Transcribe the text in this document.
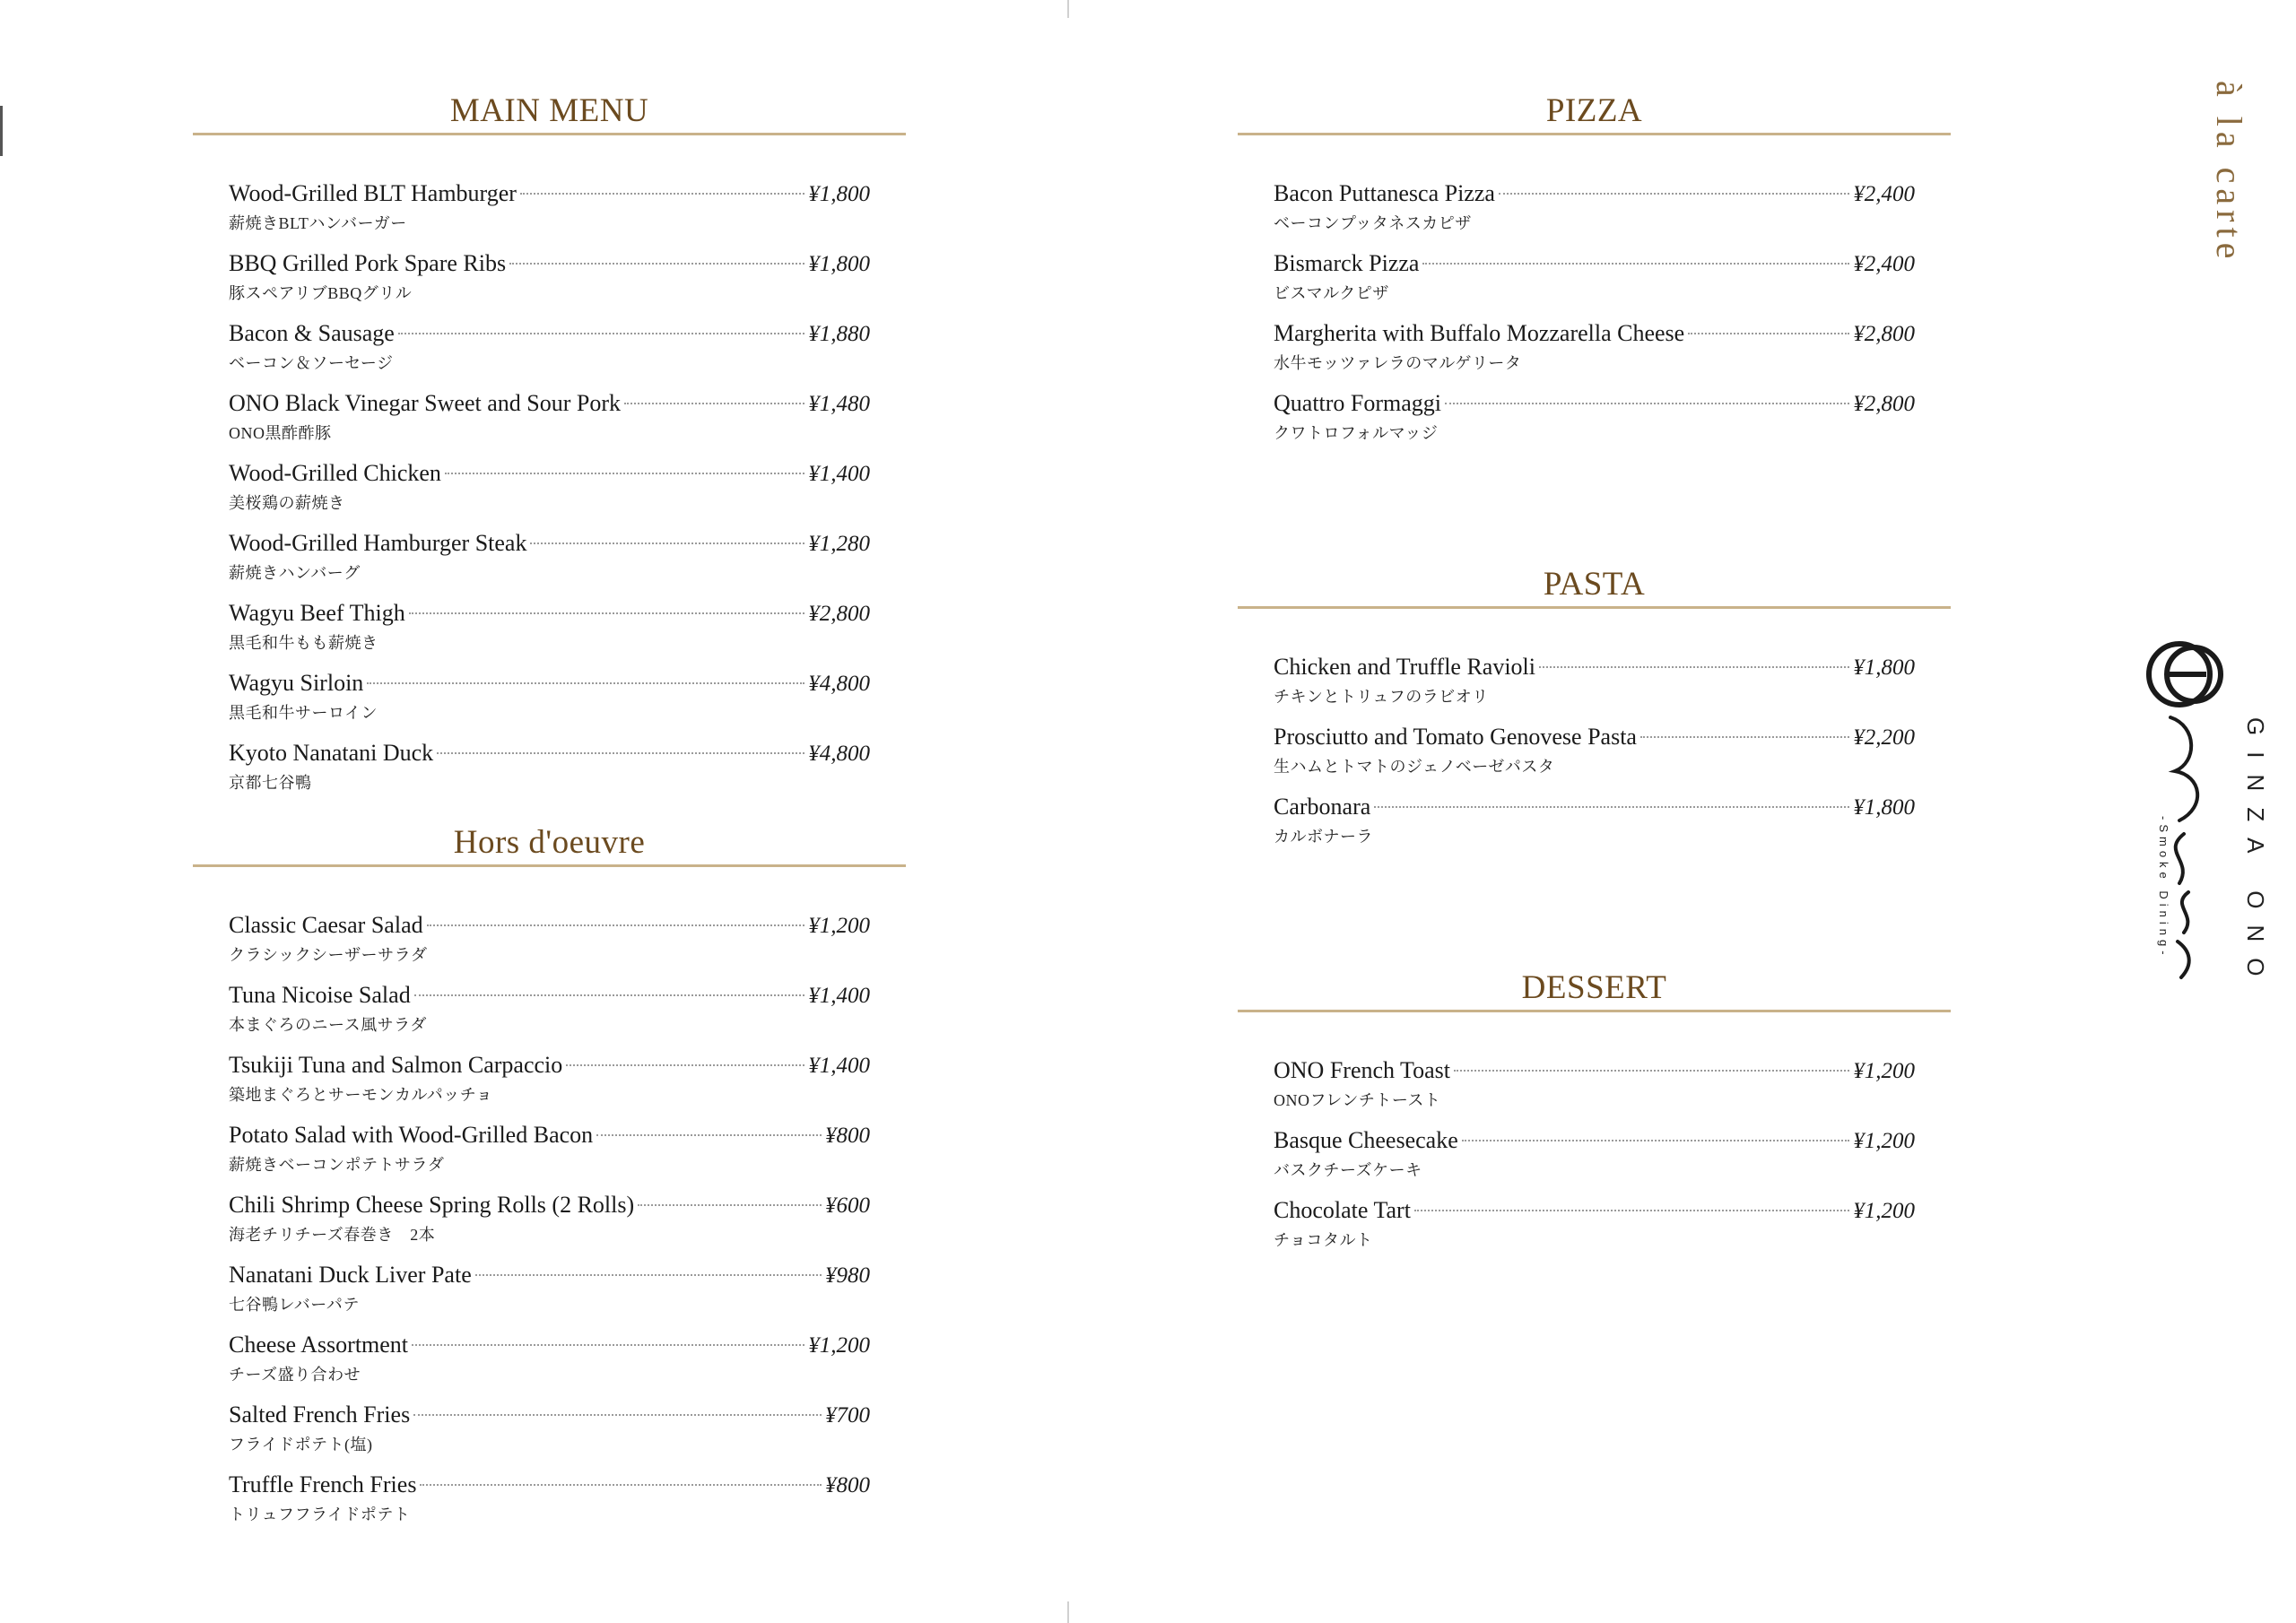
MAIN MENU
Wood-Grilled BLT Hamburger	¥1,800
薪焼きBLTハンバーガー
BBQ Grilled Pork Spare Ribs	¥1,800
豚スペアリブBBQグリル
Bacon & Sausage	¥1,880
ベーコン＆ソーセージ
ONO Black Vinegar Sweet and Sour Pork	¥1,480
ONO黒酢酢豚
Wood-Grilled Chicken	¥1,400
美桜鶏の薪焼き
Wood-Grilled Hamburger Steak	¥1,280
薪焼きハンバーグ
Wagyu Beef Thigh	¥2,800
黒毛和牛もも薪焼き
Wagyu Sirloin	¥4,800
黒毛和牛サーロイン
Kyoto Nanatani Duck	¥4,800
京都七谷鴨
Hors d'oeuvre
Classic Caesar Salad	¥1,200
クラシックシーザーサラダ
Tuna Nicoise Salad	¥1,400
本まぐろのニース風サラダ
Tsukiji Tuna and Salmon Carpaccio	¥1,400
築地まぐろとサーモンカルパッチョ
Potato Salad with Wood-Grilled Bacon	¥800
薪焼きベーコンポテトサラダ
Chili Shrimp Cheese Spring Rolls (2 Rolls)	¥600
海老チリチーズ春巻き　2本
Nanatani Duck Liver Pate	¥980
七谷鴨レバーパテ
Cheese Assortment	¥1,200
チーズ盛り合わせ
Salted French Fries	¥700
フライドポテト(塩)
Truffle French Fries	¥800
トリュフフライドポテト
PIZZA
Bacon Puttanesca Pizza	¥2,400
ベーコンプッタネスカピザ
Bismarck Pizza	¥2,400
ビスマルクピザ
Margherita with Buffalo Mozzarella Cheese	¥2,800
水牛モッツァレラのマルゲリータ
Quattro Formaggi	¥2,800
クワトロフォルマッジ
PASTA
Chicken and Truffle Ravioli	¥1,800
チキンとトリュフのラビオリ
Prosciutto and Tomato Genovese Pasta	¥2,200
生ハムとトマトのジェノベーゼパスタ
Carbonara	¥1,800
カルボナーラ
DESSERT
ONO French Toast	¥1,200
ONOフレンチトースト
Basque Cheesecake	¥1,200
バスクチーズケーキ
Chocolate Tart	¥1,200
チョコタルト
à la carte
GINZA ONO
-Smoke Dining-
